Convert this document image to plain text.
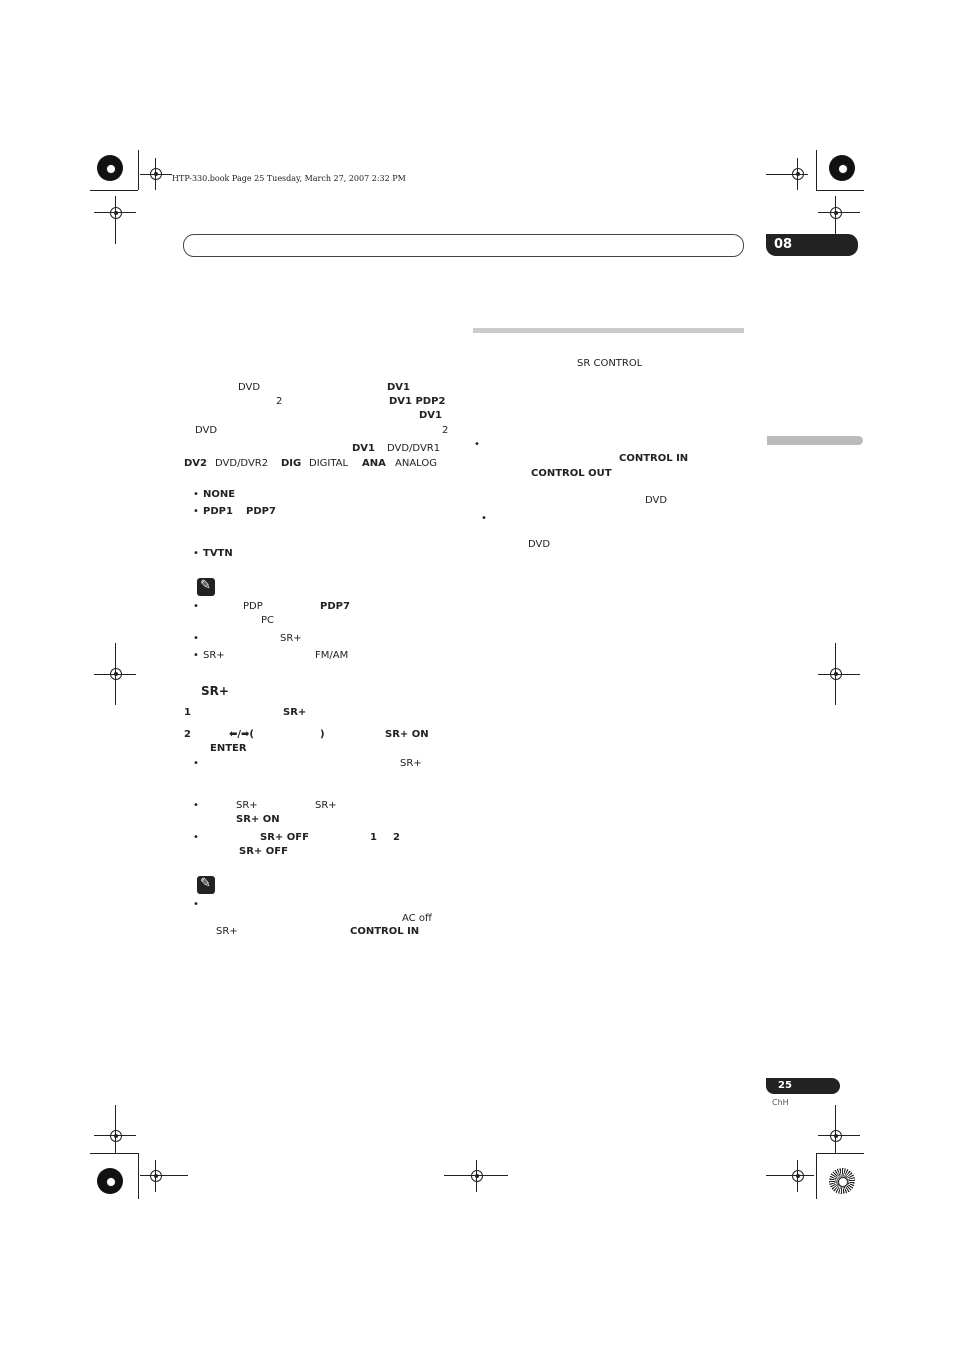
HTP-330.book Page 25 Tuesday, March 27, 2007 2:32 PM
08
DVD	DV1
2	DV1 PDP2
DV1
DVD	2
DV1 DVD/DVR1
DV2 DVD/DVR2 DIG DIGITAL ANA ANALOG
• NONE
• PDP1 PDP7
• TVTN
✎
•	PDP	PDP7
PC
•	SR+
• SR+	FM/AM
SR+
1	SR+
2	⬅/➡(	)	SR+ ON
ENTER
•	SR+
•	SR+	SR+
SR+ ON
•	SR+ OFF	1 2
SR+ OFF
✎
•
AC off
SR+	CONTROL IN
SR CONTROL
•
CONTROL IN
CONTROL OUT
DVD
•
DVD
25
ChH
